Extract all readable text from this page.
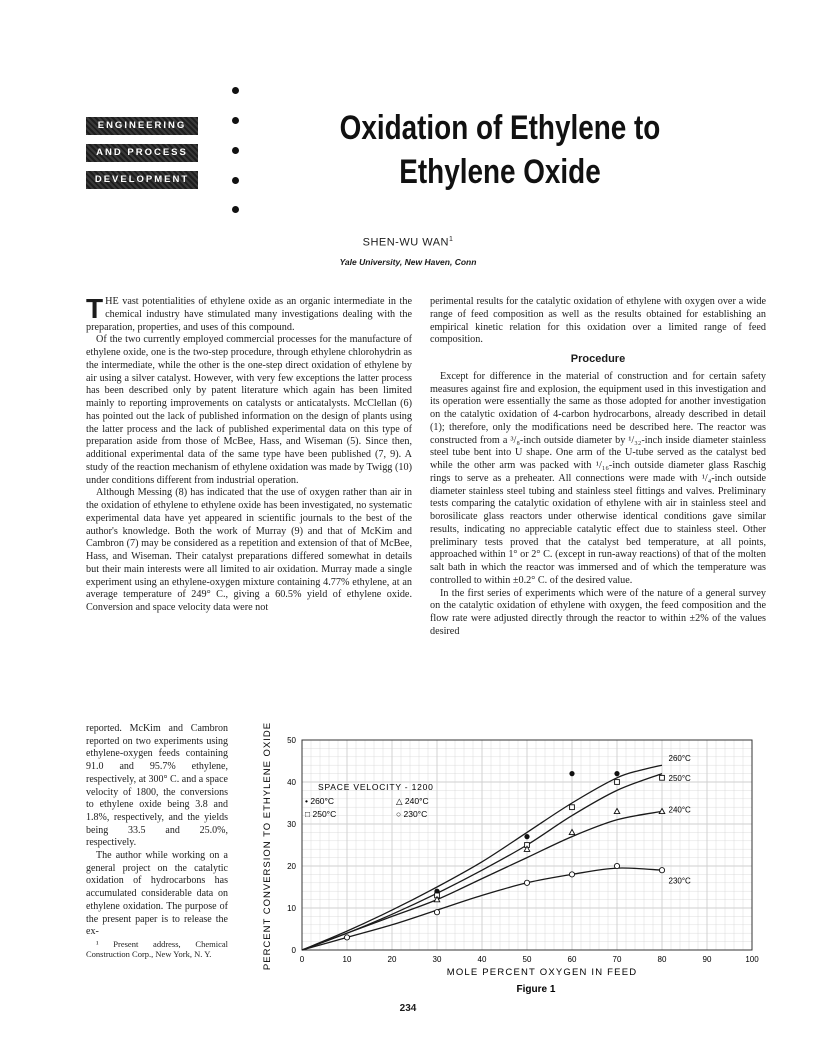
ENGINEERING
AND PROCESS
DEVELOPMENT
Oxidation of Ethylene to
Ethylene Oxide
SHEN-WU WAN$^1$
Yale University, New Haven, Conn

THE vast potentialities of ethylene oxide as an organic intermediate in the chemical industry have stimulated many investigations dealing with the preparation, properties, and uses of this compound.

Of the two currently employed commercial processes for the manufacture of ethylene oxide, one is the two-step procedure, through ethylene chlorohydrin as the intermediate, while the other is the one-step direct oxidation of ethylene by air using a silver catalyst. However, with very few exceptions the latter process has been described only by patent literature which again has been limited mainly to reporting improvements on catalysts or anticatalysts. McClellan (6) has pointed out the lack of published information on the design of plants using the latter process and the lack of published experimental data on this type of preparation aside from those of McBee, Hass, and Wiseman (5). Since then, additional experimental data of the same type have been published (7, 9). A study of the reaction mechanism of ethylene oxidation was made by Twigg (10) under conditions different from industrial operation.

Although Messing (8) has indicated that the use of oxygen rather than air in the oxidation of ethylene to ethylene oxide has been investigated, no systematic experimental data have yet appeared in scientific journals to the best of the author's knowledge. Both the work of Murray (9) and that of McKim and Cambron (7) may be considered as a repetition and extension of that of McBee, Hass, and Wiseman. Their catalyst preparations differed somewhat in details but their main interests were all limited to air oxidation. Murray made a single experiment using an ethylene-oxygen mixture containing 4.77% ethylene, at an average temperature of 249° C., giving a 60.5% yield of ethylene oxide. Conversion and space velocity data were not

reported. McKim and Cambron reported on two experiments using ethylene-oxygen feeds containing 91.0 and 95.7% ethylene, respectively, at 300° C. and a space velocity of 1800, the conversions to ethylene oxide being 3.8 and 1.8%, respectively, and the yields being 33.5 and 25.0%, respectively.

The author while working on a general project on the catalytic oxidation of hydrocarbons has accumulated considerable data on ethylene oxidation. The purpose of the present paper is to release the ex-

¹ Present address, Chemical Construction Corp., New York, N. Y.

perimental results for the catalytic oxidation of ethylene with oxygen over a wide range of feed composition as well as the results obtained for establishing an empirical kinetic relation for this oxidation over a limited range of feed composition.

Procedure

Except for difference in the material of construction and for certain safety measures against fire and explosion, the equipment used in this investigation and its operation were essentially the same as those adopted for another investigation on the catalytic oxidation of 4-carbon hydrocarbons, already described in detail (1); therefore, only the modifications need be described here. The reactor was constructed from a ³/₈-inch outside diameter by ¹/₃₂-inch inside diameter stainless steel tube bent into U shape. One arm of the U-tube served as the catalyst bed while the other arm was packed with ¹/₁₆-inch outside diameter glass Raschig rings to serve as a preheater. All connections were made with ¹/₄-inch outside diameter stainless steel tubing and stainless steel fittings and valves. Preliminary tests comparing the catalytic oxidation of ethylene with air in stainless steel and borosilicate glass reactors under otherwise identical conditions gave similar results, indicating no appreciable catalytic effect due to stainless steel. Other preliminary tests proved that the catalyst bed temperature, at all points, approached within 1° or 2° C. (except in run-away reactions) of that of the molten salt bath in which the reactor was immersed and of which the temperature was controlled to within ±0.2° C. of the desired value.

In the first series of experiments which were of the nature of a general survey on the catalytic oxidation of ethylene with oxygen, the feed composition and the flow rate were adjusted directly through the reactor to within ±2% of the values desired

0	10	20	30	40	50	60	70	80	90	100
0
10
20
30
40
50
260°C
250°C
240°C
230°C
PERCENT CONVERSION TO ETHYLENE OXIDE
MOLE PERCENT OXYGEN IN FEED
Figure 1
SPACE VELOCITY - 1200
• 260°C	△ 240°C
□ 250°C	○ 230°C
234
